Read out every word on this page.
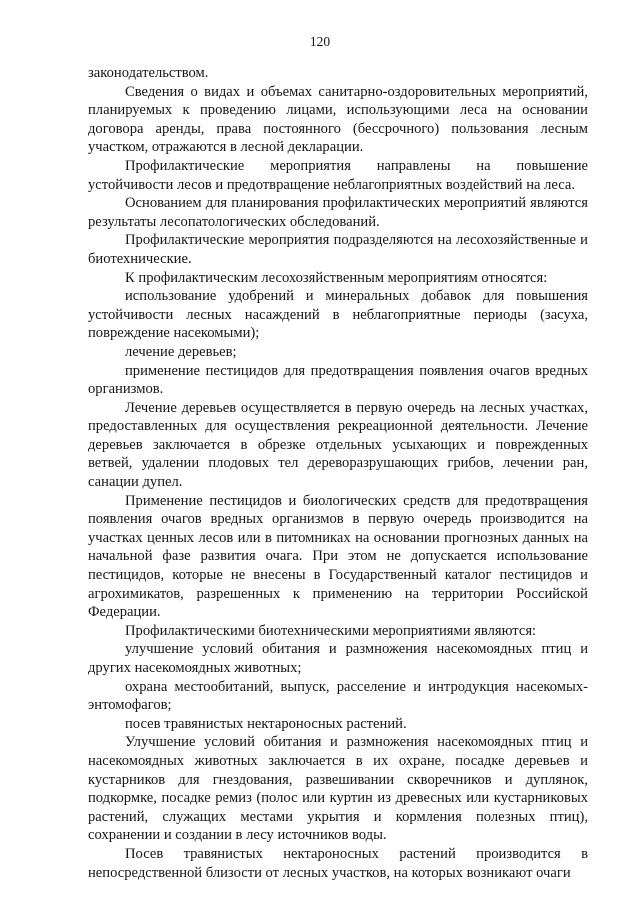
120

законодательством.

Сведения о видах и объемах санитарно-оздоровительных мероприятий, планируемых к проведению лицами, использующими леса на основании договора аренды, права постоянного (бессрочного) пользования лесным участком, отражаются в лесной декларации.

Профилактические мероприятия направлены на повышение устойчивости лесов и предотвращение неблагоприятных воздействий на леса.

Основанием для планирования профилактических мероприятий являются результаты лесопатологических обследований.

Профилактические мероприятия подразделяются на лесохозяйственные и биотехнические.

К профилактическим лесохозяйственным мероприятиям относятся:

использование удобрений и минеральных добавок для повышения устойчивости лесных насаждений в неблагоприятные периоды (засуха, повреждение насекомыми);

лечение деревьев;

применение пестицидов для предотвращения появления очагов вредных организмов.

Лечение деревьев осуществляется в первую очередь на лесных участках, предоставленных для осуществления рекреационной деятельности. Лечение деревьев заключается в обрезке отдельных усыхающих и поврежденных ветвей, удалении плодовых тел дереворазрушающих грибов, лечении ран, санации дупел.

Применение пестицидов и биологических средств для предотвращения появления очагов вредных организмов в первую очередь производится на участках ценных лесов или в питомниках на основании прогнозных данных на начальной фазе развития очага. При этом не допускается использование пестицидов, которые не внесены в Государственный каталог пестицидов и агрохимикатов, разрешенных к применению на территории Российской Федерации.

Профилактическими биотехническими мероприятиями являются:

улучшение условий обитания и размножения насекомоядных птиц и других насекомоядных животных;

охрана местообитаний, выпуск, расселение и интродукция насекомых-энтомофагов;

посев травянистых нектароносных растений.

Улучшение условий обитания и размножения насекомоядных птиц и насекомоядных животных заключается в их охране, посадке деревьев и кустарников для гнездования, развешивании скворечников и дуплянок, подкормке, посадке ремиз (полос или куртин из древесных или кустарниковых растений, служащих местами укрытия и кормления полезных птиц), сохранении и создании в лесу источников воды.

Посев травянистых нектароносных растений производится в непосредственной близости от лесных участков, на которых возникают очаги
